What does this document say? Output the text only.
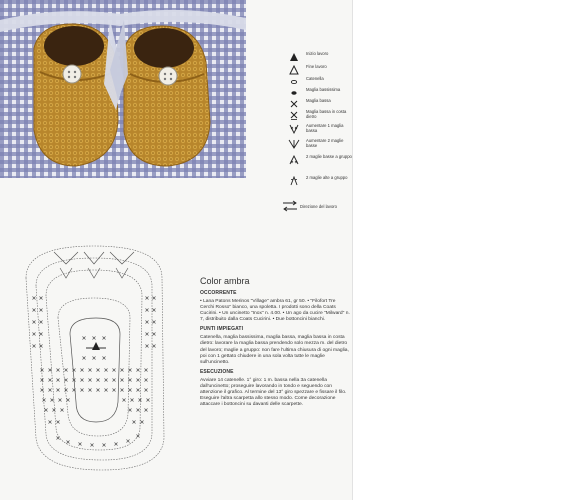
Inizio lavoro
Fine lavoro
Catenella
Maglia bassissima
Maglia bassa
Maglia bassa in costa dietro
Aumentare 1 maglia bassa
Aumentare 2 maglie basse
2 maglie basse a gruppo
2 maglie alte a gruppo
Direzione del lavoro

Color ambra

OCCORRENTE

• Lana Patons Merinos "Village" ambra 61, gr 50. • "Filofort Tre Cerchi Rosso" bianco, una spoletta. I prodotti sono della Coats Cucirini. • Un uncinetto "Inox" n. 4.00. • Un ago da cucire "Milward" n. 7, distribuito dalla Coats Cucirini. • Due bottoncini bianchi.

PUNTI IMPIEGATI

Catenella, maglia bassissima, maglia bassa, maglia bassa in costa dietro: lavorare la maglia bassa prendendo solo mezza m. del dietro del lavoro; maglie a gruppo: non fare l'ultima chiusura di ogni maglia, poi con 1 gettato chiudere in una sola volta tutte le maglie sull'uncinetto.

ESECUZIONE

Avviare 14 catenelle. 1° giro: 1 m. bassa nella 3a catenella dall'uncinetto; proseguire lavorando in tondo e seguendo con attenzione il grafico. Al termine del 13° giro spezzare e fissare il filo. Eseguire l'altra scarpetta allo stesso modo. Come decorazione attaccare i bottoncini su davanti delle scarpette.
